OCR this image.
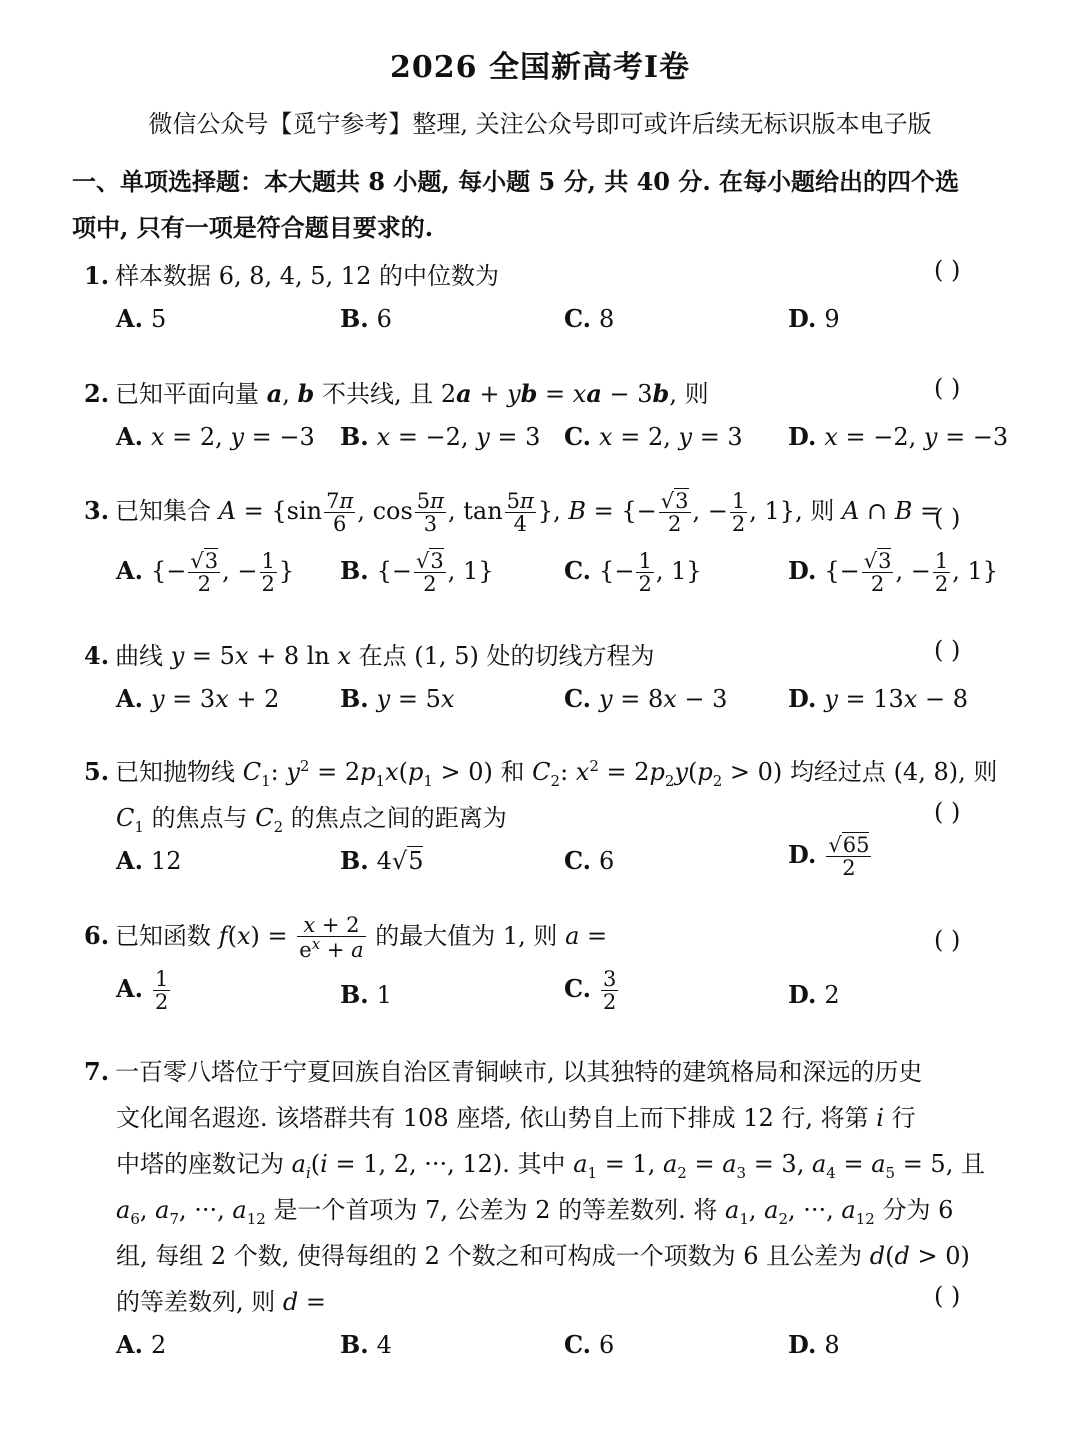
2026 全国新高考Ⅰ卷
微信公众号【觅宁参考】整理, 关注公众号即可或许后续无标识版本电子版
一、单项选择题：本大题共 8 小题, 每小题 5 分, 共 40 分. 在每小题给出的四个选
项中, 只有一项是符合题目要求的.
1. 样本数据 6, 8, 4, 5, 12 的中位数为	( )
A. 5	B. 6	C. 8	D. 9
2. 已知平面向量 a, b 不共线, 且 2a + yb = xa − 3b, 则	( )
A. x = 2, y = −3 B. x = −2, y = 3 C. x = 2, y = 3 D. x = −2, y = −3
3. 已知集合 $A = \{\sin \frac{7\pi}{6}$ , $\cos \frac{5\pi}{3}$ , $\tan \frac{5\pi}{4}$ }, B = {− $\frac{√3}{2}$ , − $\frac{1}{2}$ , 1}, 则 A ∩ B =
( )
A. {− $\frac{√3}{2}$ , − $\frac{1}{2}$ } B. {− $\frac{√3}{2}$ , 1}	C. {− $\frac{1}{2}$ , 1}	D. {− $\frac{√3}{2}$ , − $\frac{1}{2}$ , 1}
4. 曲线 y = 5x + 8 ln x 在点 (1, 5) 处的切线方程为	( )
A. y = 3x + 2	B. y = 5x	C. y = 8x − 3	D. y = 13x − 8
5. 已知抛物线 $C_1$: $y^2 = 2p_1x(p_1 > 0)$ 和 $C_2$: $x^2 = 2p_2y(p_2 > 0)$ 均经过点 (4, 8), 则
$C_1$ 的焦点与 $C_2$ 的焦点之间的距离为	( )
A. 12	B. 4√5	C. 6	D. $\frac{√65}{2}$
6. 已知函数 $f(x) = \frac{x + 2}{e^x + a}$ 的最大值为 1, 则 a =	( )
A. $\frac{1}{2}$	B. 1	C. $\frac{3}{2}$	D. 2
7. 一百零八塔位于宁夏回族自治区青铜峡市, 以其独特的建筑格局和深远的历史
文化闻名遐迩. 该塔群共有 108 座塔, 依山势自上而下排成 12 行, 将第 i 行
中塔的座数记为 $a_i(i = 1$, 2, ···, 12). 其中 $a_1 = 1$, $a_2 = a_3 = 3$, $a_4 = a_5 = 5$, 且
$a_6$, $a_7$, ···, $a_{12}$ 是一个首项为 7, 公差为 2 的等差数列. 将 $a_1$, $a_2$, ···, $a_{12}$ 分为 6
组, 每组 2 个数, 使得每组的 2 个数之和可构成一个项数为 6 且公差为 d(d > 0)
的等差数列, 则 d =	( )
A. 2	B. 4	C. 6	D. 8
